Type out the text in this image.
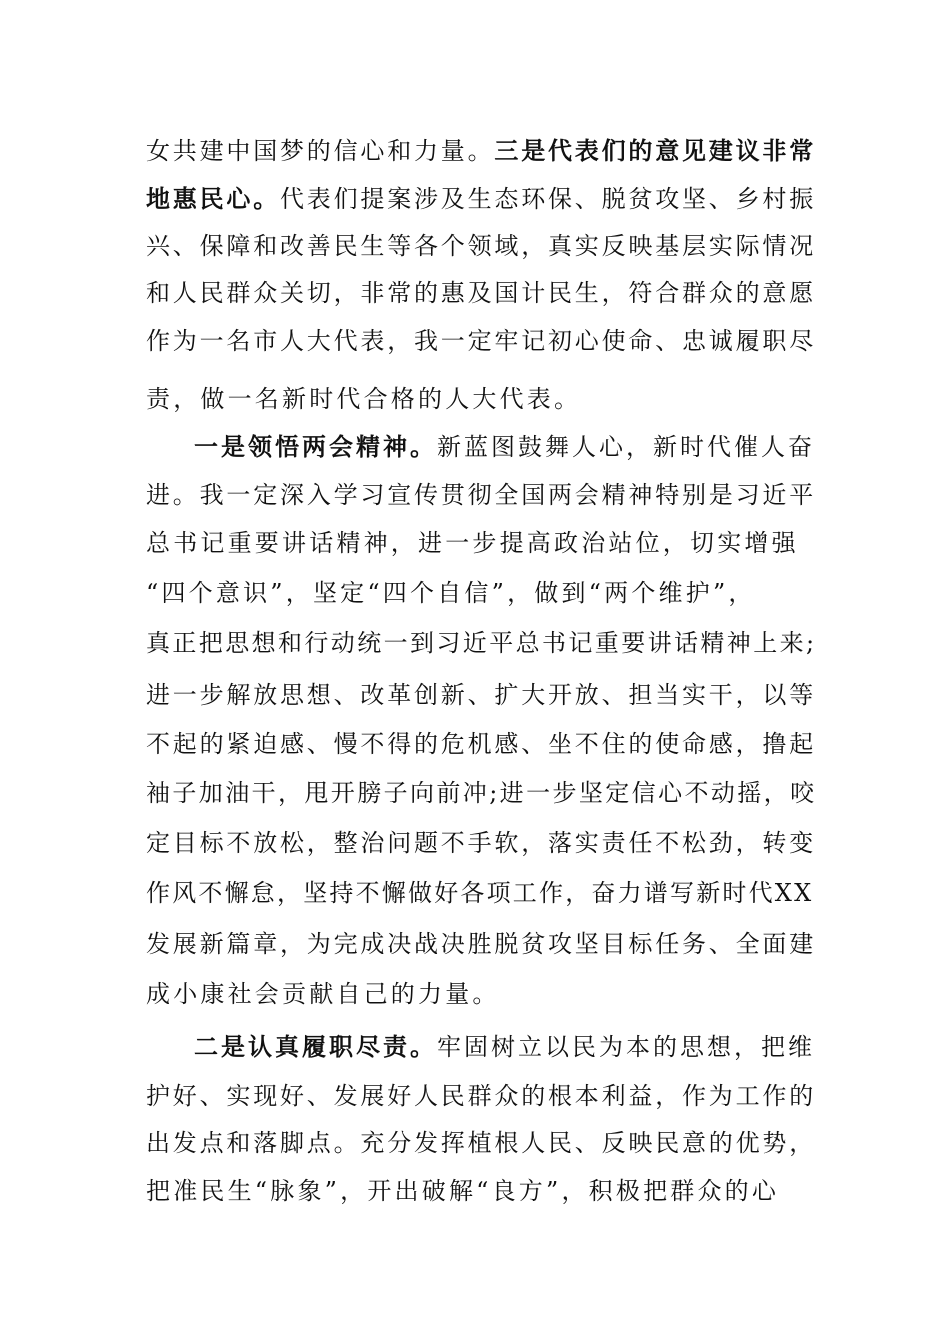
女共建中国梦的信心和力量。三是代表们的意见建议非常
地惠民心。代表们提案涉及生态环保、脱贫攻坚、乡村振
兴、保障和改善民生等各个领域，真实反映基层实际情况
和人民群众关切，非常的惠及国计民生，符合群众的意愿
作为一名市人大代表，我一定牢记初心使命、忠诚履职尽
责，做一名新时代合格的人大代表。
一是领悟两会精神。新蓝图鼓舞人心，新时代催人奋
进。我一定深入学习宣传贯彻全国两会精神特别是习近平
总书记重要讲话精神，进一步提高政治站位，切实增强
“四个意识”，坚定“四个自信”，做到“两个维护”，
真正把思想和行动统一到习近平总书记重要讲话精神上来;
进一步解放思想、改革创新、扩大开放、担当实干，以等
不起的紧迫感、慢不得的危机感、坐不住的使命感，撸起
袖子加油干，甩开膀子向前冲;进一步坚定信心不动摇，咬
定目标不放松，整治问题不手软，落实责任不松劲，转变
作风不懈怠，坚持不懈做好各项工作，奋力谱写新时代XX
发展新篇章，为完成决战决胜脱贫攻坚目标任务、全面建
成小康社会贡献自己的力量。
二是认真履职尽责。牢固树立以民为本的思想，把维
护好、实现好、发展好人民群众的根本利益，作为工作的
出发点和落脚点。充分发挥植根人民、反映民意的优势，
把准民生“脉象”，开出破解“良方”，积极把群众的心
